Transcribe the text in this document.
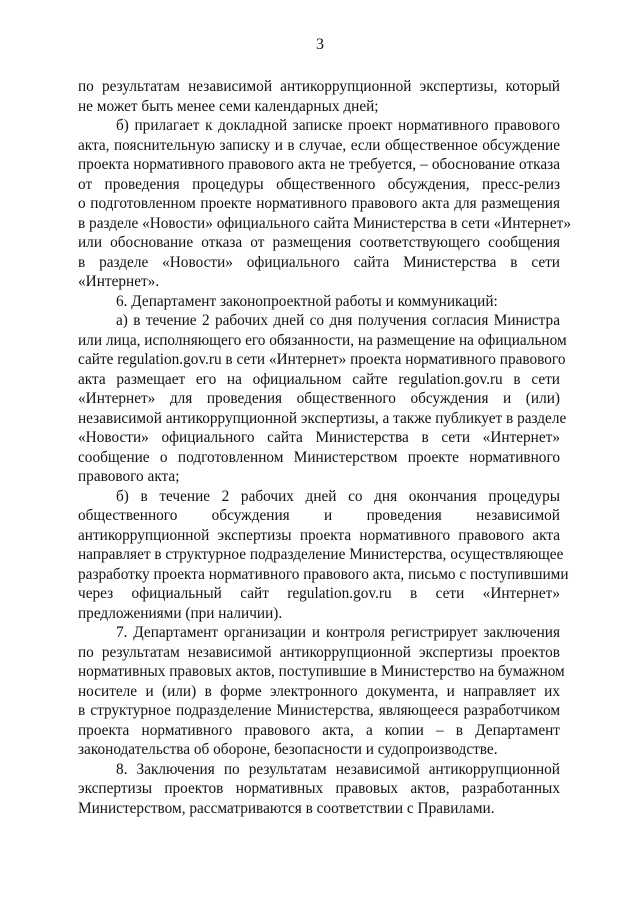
3
по результатам независимой антикоррупционной экспертизы, который
не может быть менее семи календарных дней;
б) прилагает к докладной записке проект нормативного правового
акта, пояснительную записку и в случае, если общественное обсуждение
проекта нормативного правового акта не требуется, – обоснование отказа
от проведения процедуры общественного обсуждения, пресс-релиз
о подготовленном проекте нормативного правового акта для размещения
в разделе «Новости» официального сайта Министерства в сети «Интернет»
или обоснование отказа от размещения соответствующего сообщения
в разделе «Новости» официального сайта Министерства в сети
«Интернет».
6. Департамент законопроектной работы и коммуникаций:
а) в течение 2 рабочих дней со дня получения согласия Министра
или лица, исполняющего его обязанности, на размещение на официальном
сайте regulation.gov.ru в сети «Интернет» проекта нормативного правового
акта размещает его на официальном сайте regulation.gov.ru в сети
«Интернет» для проведения общественного обсуждения и (или)
независимой антикоррупционной экспертизы, а также публикует в разделе
«Новости» официального сайта Министерства в сети «Интернет»
сообщение о подготовленном Министерством проекте нормативного
правового акта;
б) в течение 2 рабочих дней со дня окончания процедуры
общественного обсуждения и проведения независимой
антикоррупционной экспертизы проекта нормативного правового акта
направляет в структурное подразделение Министерства, осуществляющее
разработку проекта нормативного правового акта, письмо с поступившими
через официальный сайт regulation.gov.ru в сети «Интернет»
предложениями (при наличии).
7. Департамент организации и контроля регистрирует заключения
по результатам независимой антикоррупционной экспертизы проектов
нормативных правовых актов, поступившие в Министерство на бумажном
носителе и (или) в форме электронного документа, и направляет их
в структурное подразделение Министерства, являющееся разработчиком
проекта нормативного правового акта, а копии – в Департамент
законодательства об обороне, безопасности и судопроизводстве.
8. Заключения по результатам независимой антикоррупционной
экспертизы проектов нормативных правовых актов, разработанных
Министерством, рассматриваются в соответствии с Правилами.
